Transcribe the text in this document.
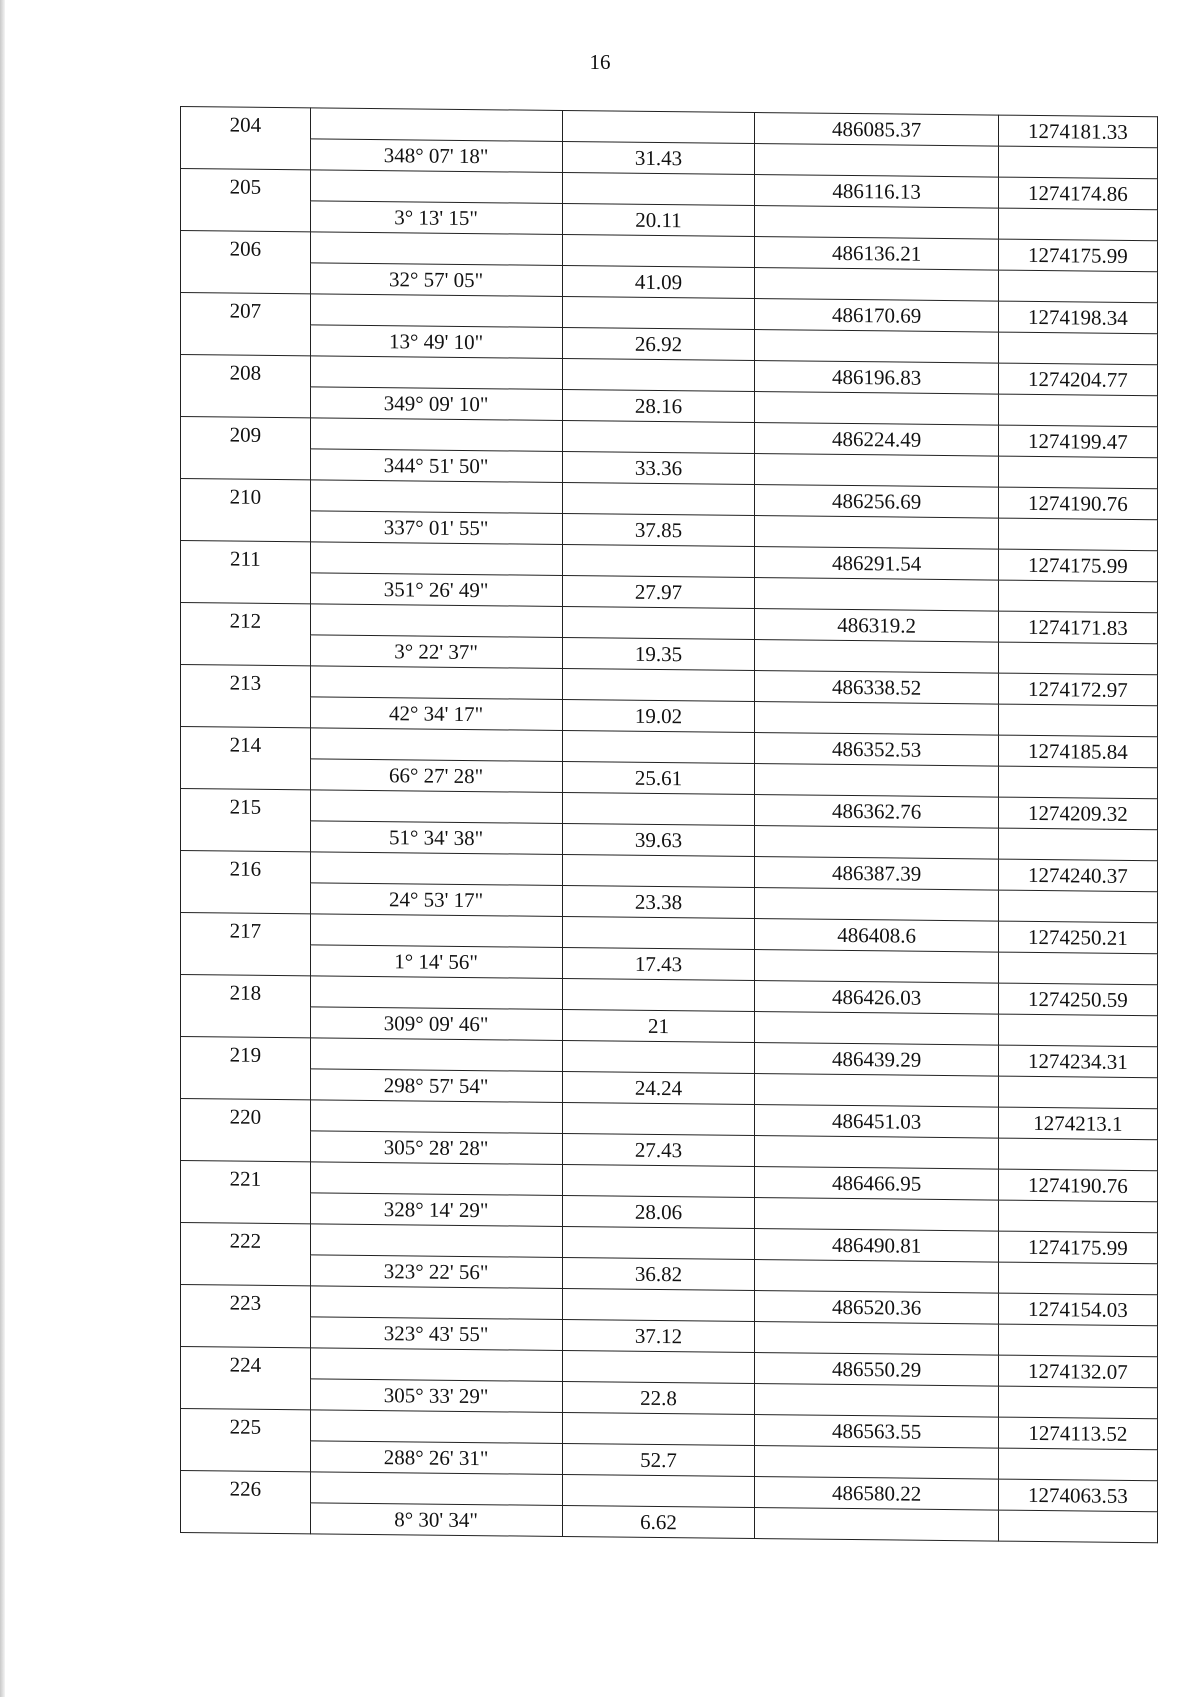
16
204			486085.37	1274181.33
	348° 07' 18"	31.43		
205			486116.13	1274174.86
	3° 13' 15"	20.11		
206			486136.21	1274175.99
	32° 57' 05"	41.09		
207			486170.69	1274198.34
	13° 49' 10"	26.92		
208			486196.83	1274204.77
	349° 09' 10"	28.16		
209			486224.49	1274199.47
	344° 51' 50"	33.36		
210			486256.69	1274190.76
	337° 01' 55"	37.85		
211			486291.54	1274175.99
	351° 26' 49"	27.97		
212			486319.2	1274171.83
	3° 22' 37"	19.35		
213			486338.52	1274172.97
	42° 34' 17"	19.02		
214			486352.53	1274185.84
	66° 27' 28"	25.61		
215			486362.76	1274209.32
	51° 34' 38"	39.63		
216			486387.39	1274240.37
	24° 53' 17"	23.38		
217			486408.6	1274250.21
	1° 14' 56"	17.43		
218			486426.03	1274250.59
	309° 09' 46"	21		
219			486439.29	1274234.31
	298° 57' 54"	24.24		
220			486451.03	1274213.1
	305° 28' 28"	27.43		
221			486466.95	1274190.76
	328° 14' 29"	28.06		
222			486490.81	1274175.99
	323° 22' 56"	36.82		
223			486520.36	1274154.03
	323° 43' 55"	37.12		
224			486550.29	1274132.07
	305° 33' 29"	22.8		
225			486563.55	1274113.52
	288° 26' 31"	52.7		
226			486580.22	1274063.53
	8° 30' 34"	6.62		
